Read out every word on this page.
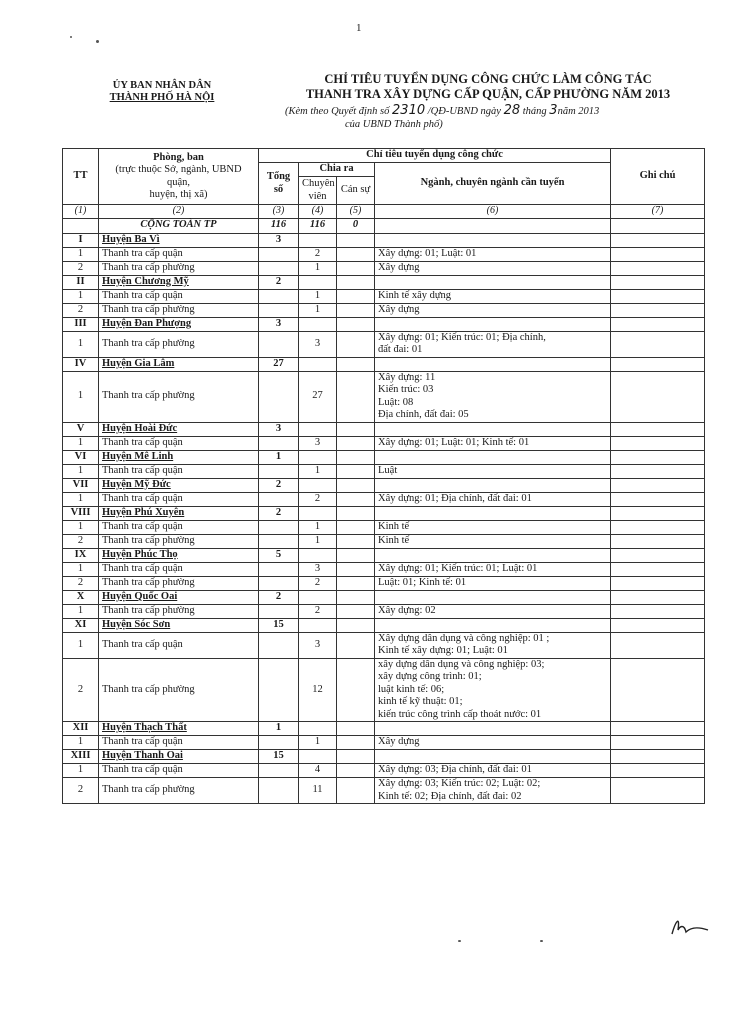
1
ỦY BAN NHÂN DÂN
THÀNH PHỐ HÀ NỘI
CHỈ TIÊU TUYỂN DỤNG CÔNG CHỨC LÀM CÔNG TÁC
THANH TRA XÂY DỰNG CẤP QUẬN, CẤP PHƯỜNG NĂM 2013
(Kèm theo Quyết định số 2310 /QĐ-UBND ngày 28 tháng 3năm 2013
của UBND Thành phố)
TT	Phòng, ban
(trực thuộc Sở, ngành, UBND
quận,
huyện, thị xã)	Chỉ tiêu tuyển dụng công chức				Ghi chú
		Tổng số	Chia ra		Ngành, chuyên ngành cần tuyển	
			Chuyên viên	Cán sự		
(1)	(2)	(3)	(4)	(5)	(6)	(7)
	CỘNG TOÀN TP	116	116	0		
I	Huyện Ba Vì	3				
1	Thanh tra cấp quận		2		Xây dựng: 01; Luật: 01	

2	Thanh tra cấp phường		1		Xây dựng	

II	Huyện Chương Mỹ	2				
1	Thanh tra cấp quận		1		Kinh tế xây dựng	

2	Thanh tra cấp phường		1		Xây dựng	

III	Huyện Đan Phượng	3				
1	Thanh tra cấp phường		3		Xây dựng: 01; Kiến trúc: 01; Địa chính,
đất đai: 01	

IV	Huyện Gia Lâm	27				
1	Thanh tra cấp phường		27		Xây dựng: 11
Kiến trúc: 03
Luật: 08
Địa chính, đất đai: 05	

V	Huyện Hoài Đức	3				
1	Thanh tra cấp quận		3		Xây dựng: 01; Luật: 01; Kinh tế: 01	

VI	Huyện Mê Linh	1				
1	Thanh tra cấp quận		1		Luật	

VII	Huyện Mỹ Đức	2				
1	Thanh tra cấp quận		2		Xây dựng: 01; Địa chính, đất đai: 01	

VIII	Huyện Phú Xuyên	2				
1	Thanh tra cấp quận		1		Kinh tế	

2	Thanh tra cấp phường		1		Kinh tế	

IX	Huyện Phúc Thọ	5				
1	Thanh tra cấp quận		3		Xây dựng: 01; Kiến trúc: 01; Luật: 01	

2	Thanh tra cấp phường		2		Luật: 01; Kinh tế: 01	

X	Huyện Quốc Oai	2				
1	Thanh tra cấp phường		2		Xây dựng: 02	

XI	Huyện Sóc Sơn	15				
1	Thanh tra cấp quận		3		Xây dựng dân dụng và công nghiệp: 01 ;
Kinh tế xây dựng: 01; Luật: 01	

2	Thanh tra cấp phường		12		xây dựng dân dụng và công nghiệp: 03;
xây dựng công trình: 01;
luật kinh tế: 06;
kinh tế kỹ thuật: 01;
kiến trúc công trình cấp thoát nước: 01	

XII	Huyện Thạch Thất	1				
1	Thanh tra cấp quận		1		Xây dựng	

XIII	Huyện Thanh Oai	15				
1	Thanh tra cấp quận		4		Xây dựng: 03; Địa chính, đất đai: 01	

2	Thanh tra cấp phường		11		Xây dựng: 03; Kiến trúc: 02; Luật: 02;
Kinh tế: 02; Địa chính, đất đai: 02	
